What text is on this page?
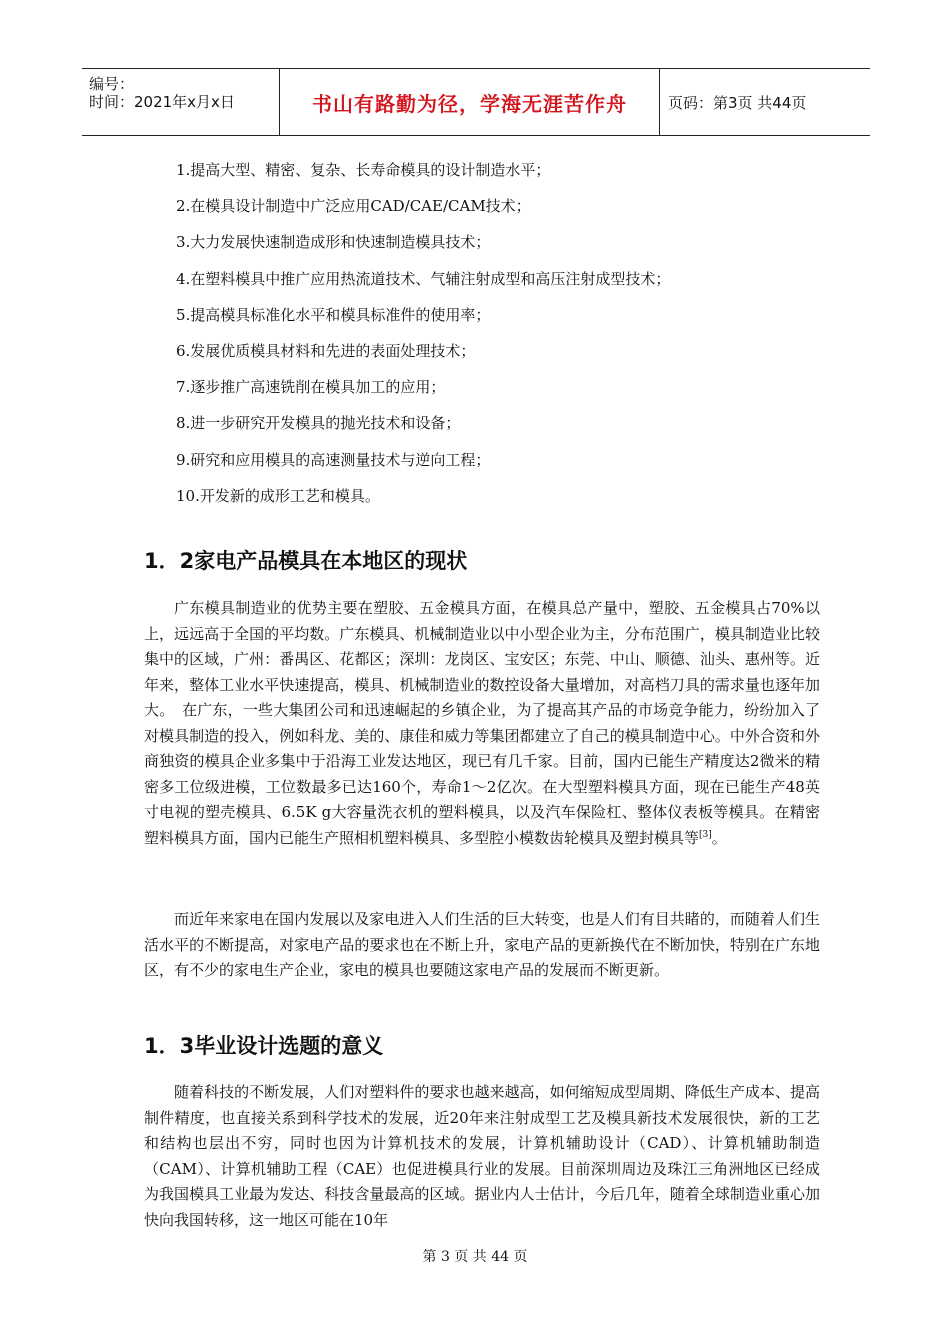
编号：
时间：2021年x月x日	书山有路勤为径，学海无涯苦作舟	页码：第3页 共44页
1.提高大型、精密、复杂、长寿命模具的设计制造水平；
2.在模具设计制造中广泛应用CAD/CAE/CAM技术；
3.大力发展快速制造成形和快速制造模具技术；
4.在塑料模具中推广应用热流道技术、气辅注射成型和高压注射成型技术；
5.提高模具标准化水平和模具标准件的使用率；
6.发展优质模具材料和先进的表面处理技术；
7.逐步推广高速铣削在模具加工的应用；
8.进一步研究开发模具的抛光技术和设备；
9.研究和应用模具的高速测量技术与逆向工程；
10.开发新的成形工艺和模具。
1．2家电产品模具在本地区的现状

广东模具制造业的优势主要在塑胶、五金模具方面，在模具总产量中，塑胶、五金模具占70%以上，远远高于全国的平均数。广东模具、机械制造业以中小型企业为主，分布范围广，模具制造业比较集中的区域，广州：番禺区、花都区；深圳：龙岗区、宝安区；东莞、中山、顺德、汕头、惠州等。近年来，整体工业水平快速提高，模具、机械制造业的数控设备大量增加，对高档刀具的需求量也逐年加大。　在广东，一些大集团公司和迅速崛起的乡镇企业，为了提高其产品的市场竞争能力，纷纷加入了对模具制造的投入，例如科龙、美的、康佳和威力等集团都建立了自己的模具制造中心。中外合资和外商独资的模具企业多集中于沿海工业发达地区，现已有几千家。目前，国内已能生产精度达2微米的精密多工位级进模，工位数最多已达160个，寿命1～2亿次。在大型塑料模具方面，现在已能生产48英寸电视的塑壳模具、6.5K g大容量洗衣机的塑料模具，以及汽车保险杠、整体仪表板等模具。在精密塑料模具方面，国内已能生产照相机塑料模具、多型腔小模数齿轮模具及塑封模具等[3]。

而近年来家电在国内发展以及家电进入人们生活的巨大转变，也是人们有目共睹的，而随着人们生活水平的不断提高，对家电产品的要求也在不断上升，家电产品的更新换代在不断加快，特别在广东地区，有不少的家电生产企业，家电的模具也要随这家电产品的发展而不断更新。

1．3毕业设计选题的意义

随着科技的不断发展，人们对塑料件的要求也越来越高，如何缩短成型周期、降低生产成本、提高制件精度，也直接关系到科学技术的发展，近20年来注射成型工艺及模具新技术发展很快，新的工艺和结构也层出不穷，同时也因为计算机技术的发展，计算机辅助设计（CAD）、计算机辅助制造（CAM）、计算机辅助工程（CAE）也促进模具行业的发展。目前深圳周边及珠江三角洲地区已经成为我国模具工业最为发达、科技含量最高的区域。据业内人士估计，今后几年，随着全球制造业重心加快向我国转移，这一地区可能在10年

第 3 页 共 44 页
